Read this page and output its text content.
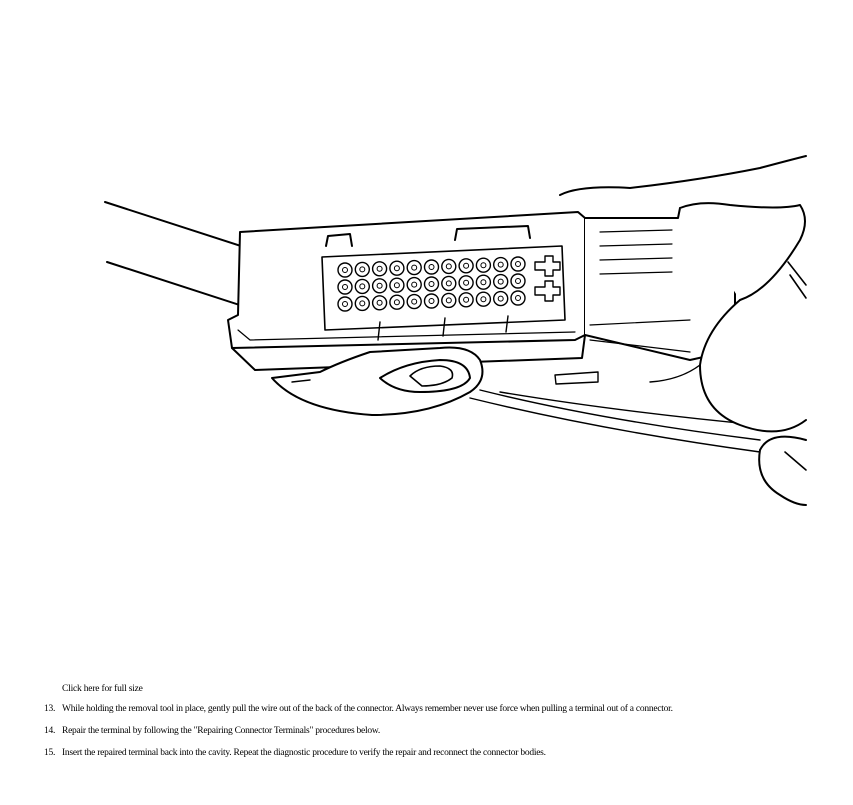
Click here for full size
13. While holding the removal tool in place, gently pull the wire out of the back of the connector. Always remember never use force when pulling a terminal out of a connector.
14. Repair the terminal by following the "Repairing Connector Terminals" procedures below.
15. Insert the repaired terminal back into the cavity. Repeat the diagnostic procedure to verify the repair and reconnect the connector bodies.
